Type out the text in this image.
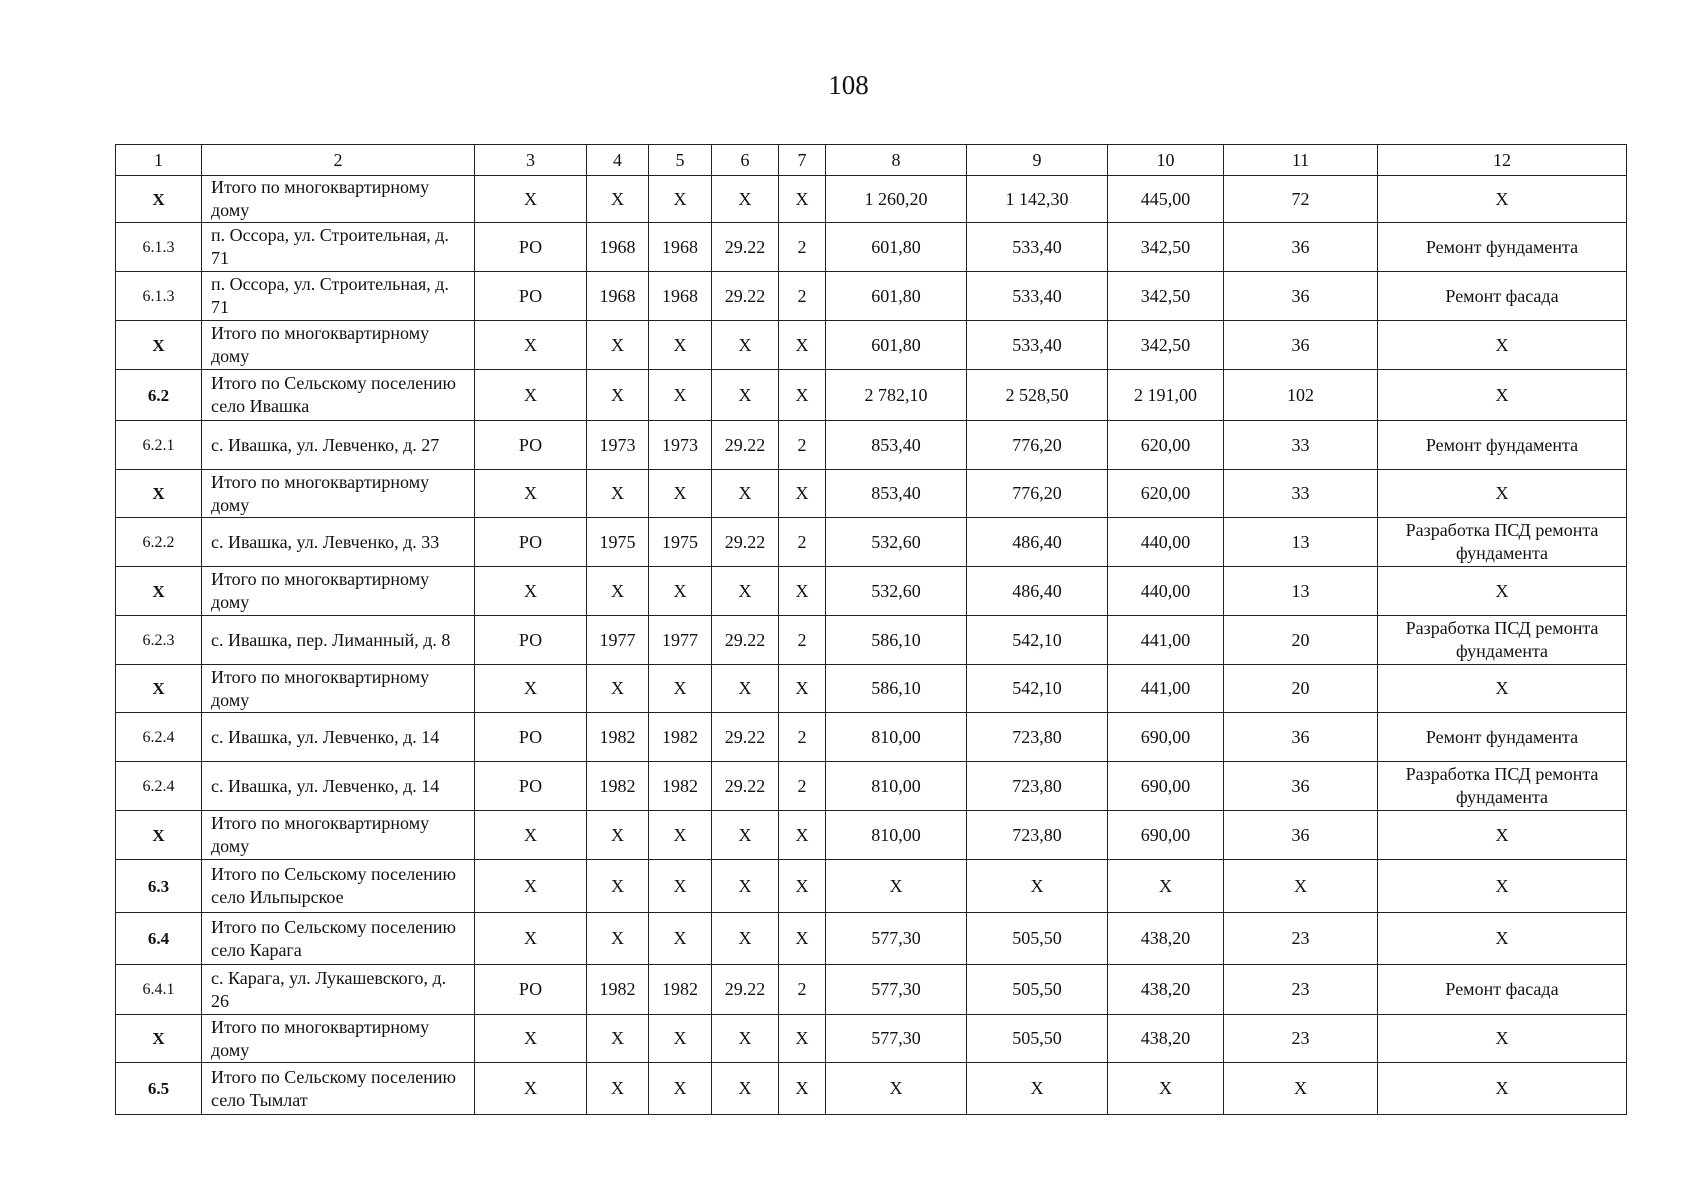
108
1	2	3	4	5	6	7	8	9	10	11	12
Х	Итого по многоквартирному дому	Х	Х	Х	Х	Х	1 260,20	1 142,30	445,00	72	Х
6.1.3	п. Оссора, ул. Строительная, д. 71	РО	1968	1968	29.22	2	601,80	533,40	342,50	36	Ремонт фундамента
6.1.3	п. Оссора, ул. Строительная, д. 71	РО	1968	1968	29.22	2	601,80	533,40	342,50	36	Ремонт фасада
Х	Итого по многоквартирному дому	Х	Х	Х	Х	Х	601,80	533,40	342,50	36	Х
6.2	Итого по Сельскому поселению село Ивашка	Х	Х	Х	Х	Х	2 782,10	2 528,50	2 191,00	102	Х
6.2.1	с. Ивашка, ул. Левченко, д. 27	РО	1973	1973	29.22	2	853,40	776,20	620,00	33	Ремонт фундамента
Х	Итого по многоквартирному дому	Х	Х	Х	Х	Х	853,40	776,20	620,00	33	Х
6.2.2	с. Ивашка, ул. Левченко, д. 33	РО	1975	1975	29.22	2	532,60	486,40	440,00	13	Разработка ПСД ремонта фундамента
Х	Итого по многоквартирному дому	Х	Х	Х	Х	Х	532,60	486,40	440,00	13	Х
6.2.3	с. Ивашка, пер. Лиманный, д. 8	РО	1977	1977	29.22	2	586,10	542,10	441,00	20	Разработка ПСД ремонта фундамента
Х	Итого по многоквартирному дому	Х	Х	Х	Х	Х	586,10	542,10	441,00	20	Х
6.2.4	с. Ивашка, ул. Левченко, д. 14	РО	1982	1982	29.22	2	810,00	723,80	690,00	36	Ремонт фундамента
6.2.4	с. Ивашка, ул. Левченко, д. 14	РО	1982	1982	29.22	2	810,00	723,80	690,00	36	Разработка ПСД ремонта фундамента
Х	Итого по многоквартирному дому	Х	Х	Х	Х	Х	810,00	723,80	690,00	36	Х
6.3	Итого по Сельскому поселению село Ильпырское	Х	Х	Х	Х	Х	Х	Х	Х	Х	Х
6.4	Итого по Сельскому поселению село Карага	Х	Х	Х	Х	Х	577,30	505,50	438,20	23	Х
6.4.1	с. Карага, ул. Лукашевского, д. 26	РО	1982	1982	29.22	2	577,30	505,50	438,20	23	Ремонт фасада
Х	Итого по многоквартирному дому	Х	Х	Х	Х	Х	577,30	505,50	438,20	23	Х
6.5	Итого по Сельскому поселению село Тымлат	Х	Х	Х	Х	Х	Х	Х	Х	Х	Х
